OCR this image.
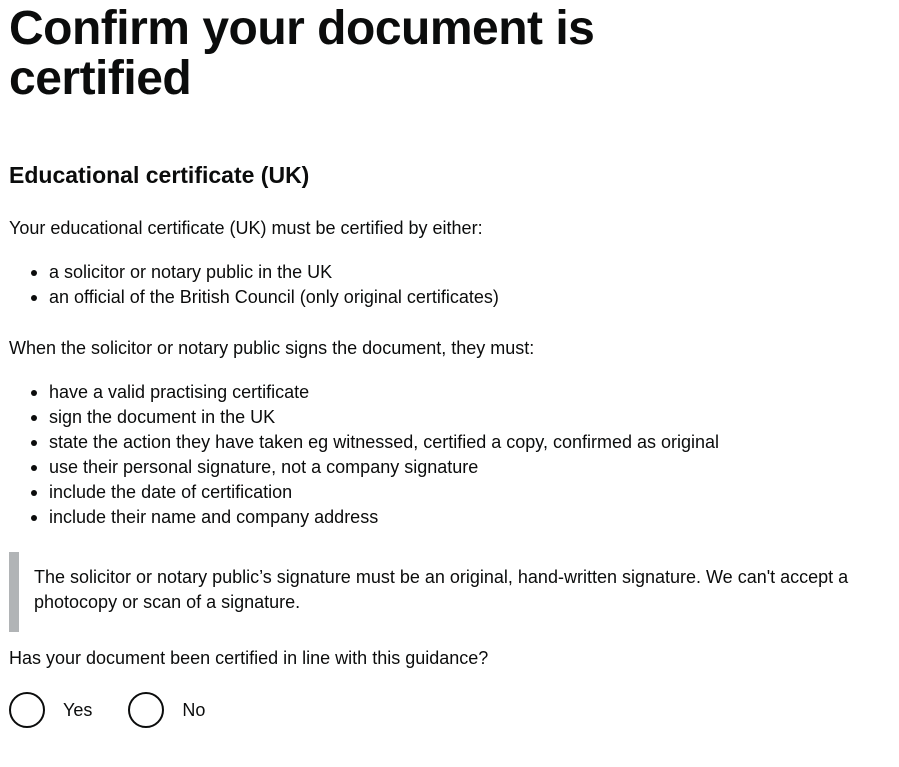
Confirm your document is certified
Educational certificate (UK)

Your educational certificate (UK) must be certified by either:

a solicitor or notary public in the UK
an official of the British Council (only original certificates)

When the solicitor or notary public signs the document, they must:

have a valid practising certificate
sign the document in the UK
state the action they have taken eg witnessed, certified a copy, confirmed as original
use their personal signature, not a company signature
include the date of certification
include their name and company address
The solicitor or notary public’s signature must be an original, hand-written signature. We can't accept a photocopy or scan of a signature.

Has your document been certified in line with this guidance?

Yes	No
